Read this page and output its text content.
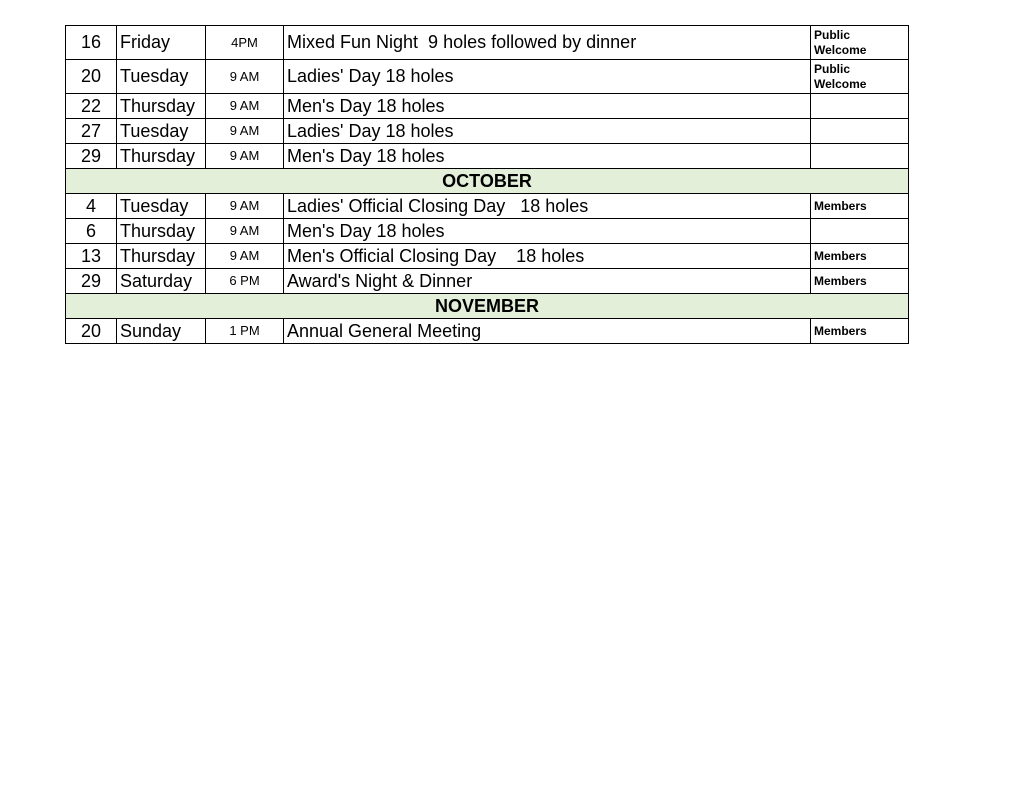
16	Friday	4PM	Mixed Fun Night  9 holes followed by dinner	Public
Welcome
20	Tuesday	9 AM	Ladies' Day 18 holes	Public
Welcome
22	Thursday	9 AM	Men's Day 18 holes	
27	Tuesday	9 AM	Ladies' Day 18 holes	
29	Thursday	9 AM	Men's Day 18 holes	
OCTOBER				
4	Tuesday	9 AM	Ladies' Official Closing Day   18 holes	Members
6	Thursday	9 AM	Men's Day 18 holes	
13	Thursday	9 AM	Men's Official Closing Day    18 holes	Members
29	Saturday	6 PM	Award's Night & Dinner	Members
NOVEMBER				
20	Sunday	1 PM	Annual General Meeting	Members
